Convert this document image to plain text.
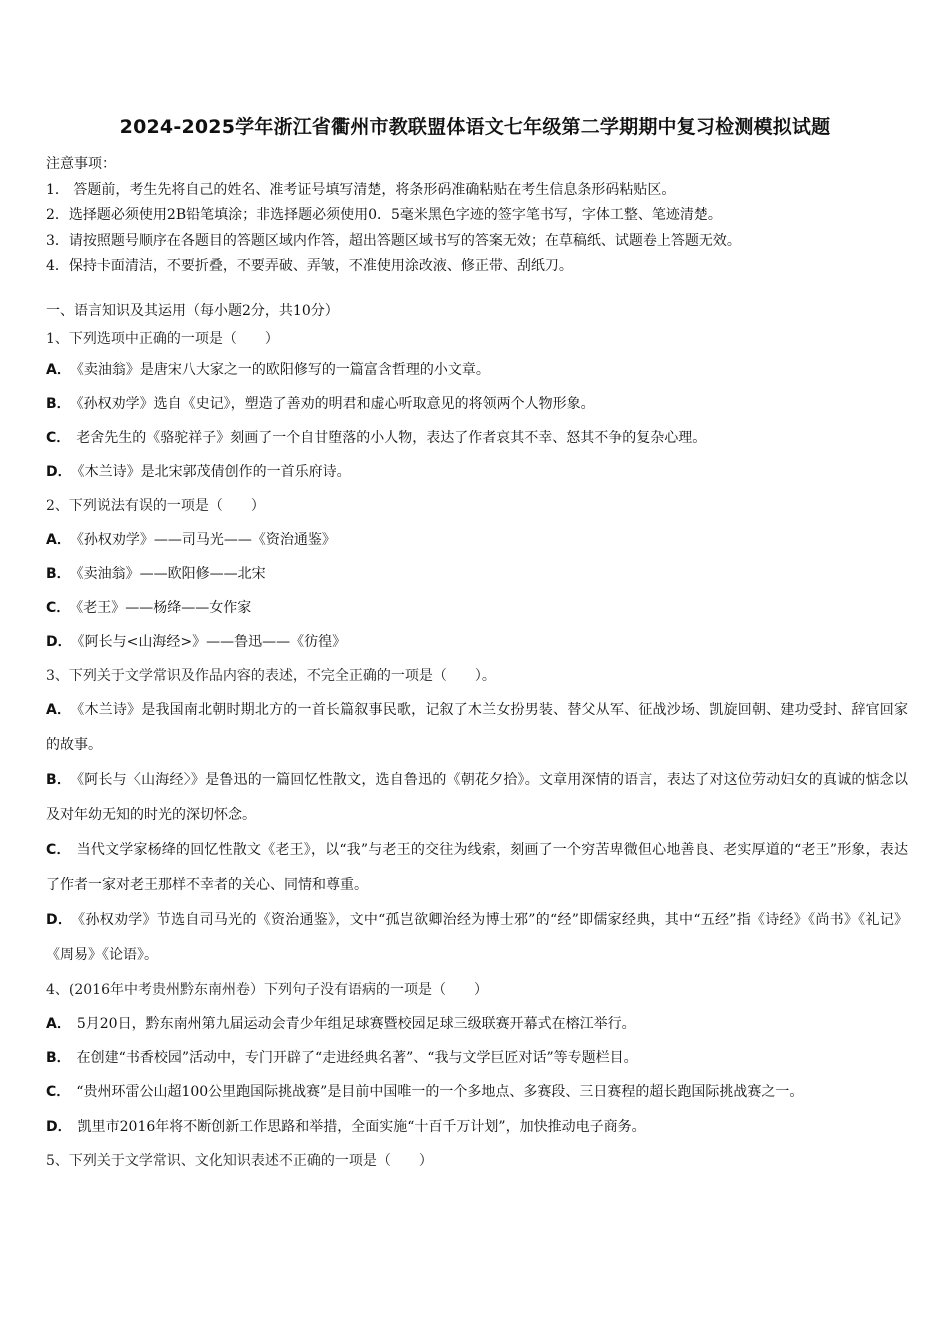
2024-2025学年浙江省衢州市教联盟体语文七年级第二学期期中复习检测模拟试题
注意事项：
1． 答题前，考生先将自己的姓名、准考证号填写清楚，将条形码准确粘贴在考生信息条形码粘贴区。
2．选择题必须使用2B铅笔填涂；非选择题必须使用0．5毫米黑色字迹的签字笔书写，字体工整、笔迹清楚。
3．请按照题号顺序在各题目的答题区域内作答，超出答题区域书写的答案无效；在草稿纸、试题卷上答题无效。
4．保持卡面清洁，不要折叠，不要弄破、弄皱，不准使用涂改液、修正带、刮纸刀。
一、语言知识及其运用（每小题2分，共10分）
1、下列选项中正确的一项是（　　）
A． 《卖油翁》是唐宋八大家之一的欧阳修写的一篇富含哲理的小文章。
B． 《孙权劝学》选自《史记》，塑造了善劝的明君和虚心听取意见的将领两个人物形象。
C． 老舍先生的《骆驼祥子》刻画了一个自甘堕落的小人物，表达了作者哀其不幸、怒其不争的复杂心理。
D． 《木兰诗》是北宋郭茂倩创作的一首乐府诗。
2、下列说法有误的一项是（　　）
A． 《孙权劝学》——司马光——《资治通鉴》
B． 《卖油翁》——欧阳修——北宋
C． 《老王》——杨绛——女作家
D． 《阿长与<山海经>》——鲁迅——《彷徨》
3、下列关于文学常识及作品内容的表述，不完全正确的一项是（　　）。
A． 《木兰诗》是我国南北朝时期北方的一首长篇叙事民歌，记叙了木兰女扮男装、替父从军、征战沙场、凯旋回朝、建功受封、辞官回家的故事。
B． 《阿长与〈山海经〉》是鲁迅的一篇回忆性散文，选自鲁迅的《朝花夕拾》。文章用深情的语言，表达了对这位劳动妇女的真诚的惦念以及对年幼无知的时光的深切怀念。
C． 当代文学家杨绛的回忆性散文《老王》，以“我”与老王的交往为线索，刻画了一个穷苦卑微但心地善良、老实厚道的“老王”形象，表达了作者一家对老王那样不幸者的关心、同情和尊重。
D． 《孙权劝学》节选自司马光的《资治通鉴》，文中“孤岂欲卿治经为博士邪”的“经”即儒家经典，其中“五经”指《诗经》《尚书》《礼记》《周易》《论语》。
4、(2016年中考贵州黔东南州卷）下列句子没有语病的一项是（　　）
A． 5月20日，黔东南州第九届运动会青少年组足球赛暨校园足球三级联赛开幕式在榕江举行。
B． 在创建“书香校园”活动中，专门开辟了“走进经典名著”、“我与文学巨匠对话”等专题栏目。
C． “贵州环雷公山超100公里跑国际挑战赛”是目前中国唯一的一个多地点、多赛段、三日赛程的超长跑国际挑战赛之一。
D． 凯里市2016年将不断创新工作思路和举措，全面实施“十百千万计划”，加快推动电子商务。
5、下列关于文学常识、文化知识表述不正确的一项是（　　）
